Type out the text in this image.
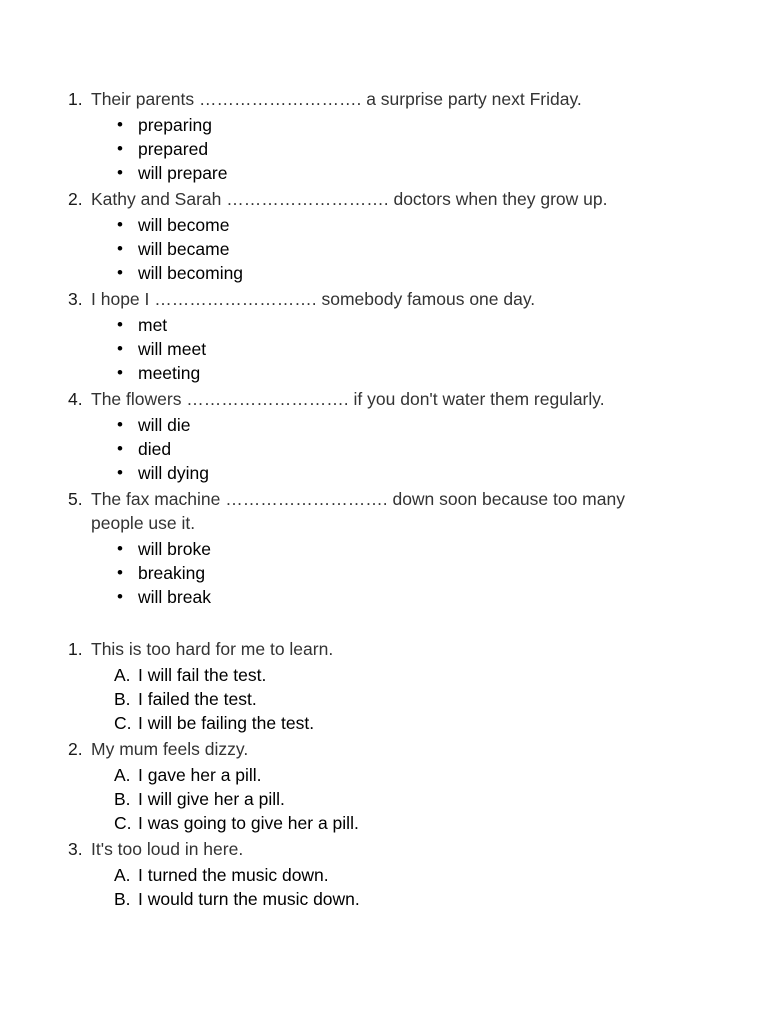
1. Their parents ………………………. a surprise party next Friday.
• preparing
• prepared
• will prepare
2. Kathy and Sarah ………………………. doctors when they grow up.
• will become
• will became
• will becoming
3. I hope I ………………………. somebody famous one day.
• met
• will meet
• meeting
4. The flowers ………………………. if you don't water them regularly.
• will die
• died
• will dying
5. The fax machine ………………………. down soon because too many people use it.
• will broke
• breaking
• will break
1. This is too hard for me to learn.
A. I will fail the test.
B. I failed the test.
C. I will be failing the test.
2. My mum feels dizzy.
A. I gave her a pill.
B. I will give her a pill.
C. I was going to give her a pill.
3. It's too loud in here.
A. I turned the music down.
B. I would turn the music down.
